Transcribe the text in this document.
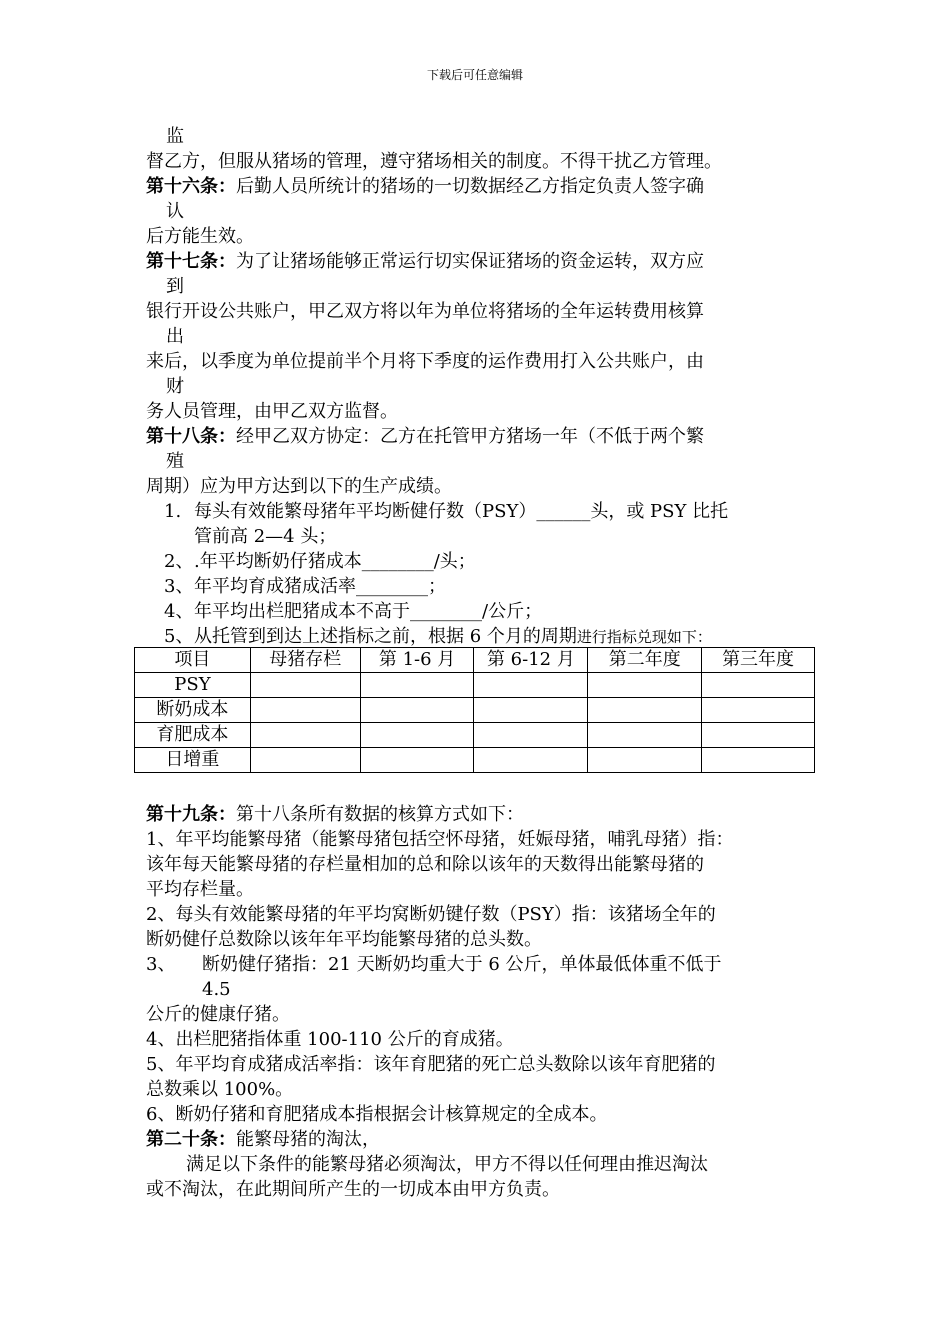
下载后可任意编辑
监
督乙方，但服从猪场的管理，遵守猪场相关的制度。不得干扰乙方管理。
第十六条：后勤人员所统计的猪场的一切数据经乙方指定负责人签字确
认
后方能生效。
第十七条：为了让猪场能够正常运行切实保证猪场的资金运转，双方应
到
银行开设公共账户，甲乙双方将以年为单位将猪场的全年运转费用核算
出
来后，以季度为单位提前半个月将下季度的运作费用打入公共账户，由
财
务人员管理，由甲乙双方监督。
第十八条：经甲乙双方协定：乙方在托管甲方猪场一年（不低于两个繁
殖
周期）应为甲方达到以下的生产成绩。
1. 每头有效能繁母猪年平均断健仔数（PSY）______头，或 PSY 比托
管前高 2—4 头；
2、.年平均断奶仔猪成本________/头；
3、年平均育成猪成活率________；
4、年平均出栏肥猪成本不高于________/公斤；
5、从托管到到达上述指标之前，根据 6 个月的周期进行指标兑现如下：
项目	母猪存栏	第 1-6 月	第 6-12 月	第二年度	第三年度
PSY					
断奶成本					
育肥成本					
日增重					
第十九条：第十八条所有数据的核算方式如下：
1、年平均能繁母猪（能繁母猪包括空怀母猪，妊娠母猪，哺乳母猪）指：
该年每天能繁母猪的存栏量相加的总和除以该年的天数得出能繁母猪的
平均存栏量。
2、每头有效能繁母猪的年平均窝断奶键仔数（PSY）指：该猪场全年的
断奶健仔总数除以该年年平均能繁母猪的总头数。
3、 断奶健仔猪指：21 天断奶均重大于 6 公斤，单体最低体重不低于
4.5
公斤的健康仔猪。
4、出栏肥猪指体重 100-110 公斤的育成猪。
5、年平均育成猪成活率指：该年育肥猪的死亡总头数除以该年育肥猪的
总数乘以 100%。
6、断奶仔猪和育肥猪成本指根据会计核算规定的全成本。
第二十条：能繁母猪的淘汰，
满足以下条件的能繁母猪必须淘汰，甲方不得以任何理由推迟淘汰
或不淘汰，在此期间所产生的一切成本由甲方负责。
